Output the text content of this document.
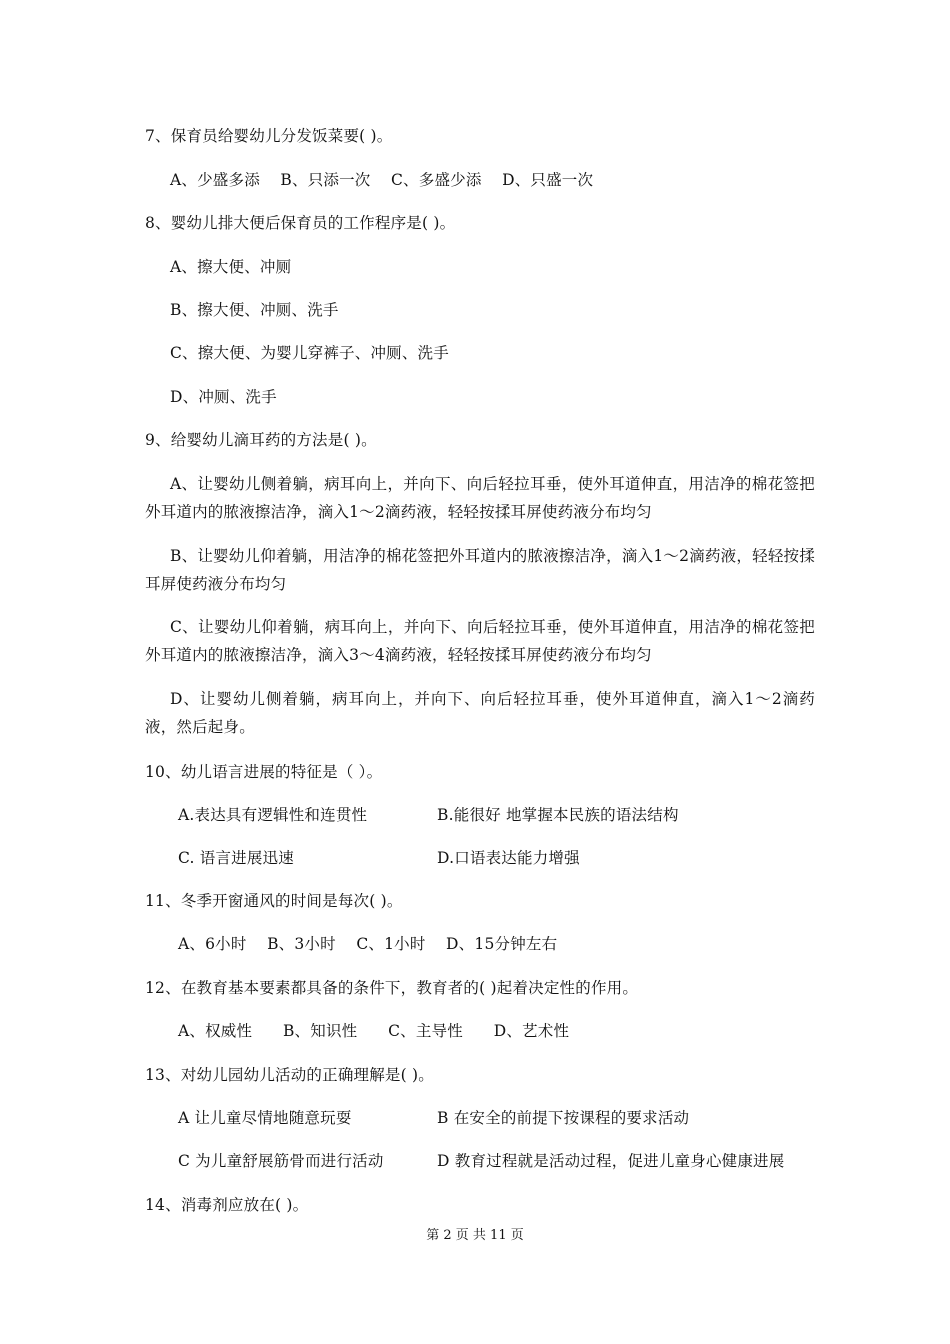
7、保育员给婴幼儿分发饭菜要( )。
A、少盛多添    B、只添一次    C、多盛少添    D、只盛一次
8、婴幼儿排大便后保育员的工作程序是( )。
A、擦大便、冲厕
B、擦大便、冲厕、洗手
C、擦大便、为婴儿穿裤子、冲厕、洗手
D、冲厕、洗手
9、给婴幼儿滴耳药的方法是( )。
A、让婴幼儿侧着躺，病耳向上，并向下、向后轻拉耳垂，使外耳道伸直，用洁净的棉花签把外耳道内的脓液擦洁净，滴入1～2滴药液，轻轻按揉耳屏使药液分布均匀
B、让婴幼儿仰着躺，用洁净的棉花签把外耳道内的脓液擦洁净，滴入1～2滴药液，轻轻按揉耳屏使药液分布均匀
C、让婴幼儿仰着躺，病耳向上，并向下、向后轻拉耳垂，使外耳道伸直，用洁净的棉花签把外耳道内的脓液擦洁净，滴入3～4滴药液，轻轻按揉耳屏使药液分布均匀
D、让婴幼儿侧着躺，病耳向上，并向下、向后轻拉耳垂，使外耳道伸直，滴入1～2滴药液，然后起身。
10、幼儿语言进展的特征是（ ）。
A.表达具有逻辑性和连贯性	B.能很好 地掌握本民族的语法结构
C. 语言进展迅速	D.口语表达能力增强
11、冬季开窗通风的时间是每次( )。
A、6小时    B、3小时    C、1小时    D、15分钟左右
12、在教育基本要素都具备的条件下，教育者的( )起着决定性的作用。
A、权威性      B、知识性      C、主导性      D、艺术性
13、对幼儿园幼儿活动的正确理解是( )。
A 让儿童尽情地随意玩耍	B 在安全的前提下按课程的要求活动
C 为儿童舒展筋骨而进行活动	D 教育过程就是活动过程，促进儿童身心健康进展
14、消毒剂应放在( )。
第 2 页 共 11 页
